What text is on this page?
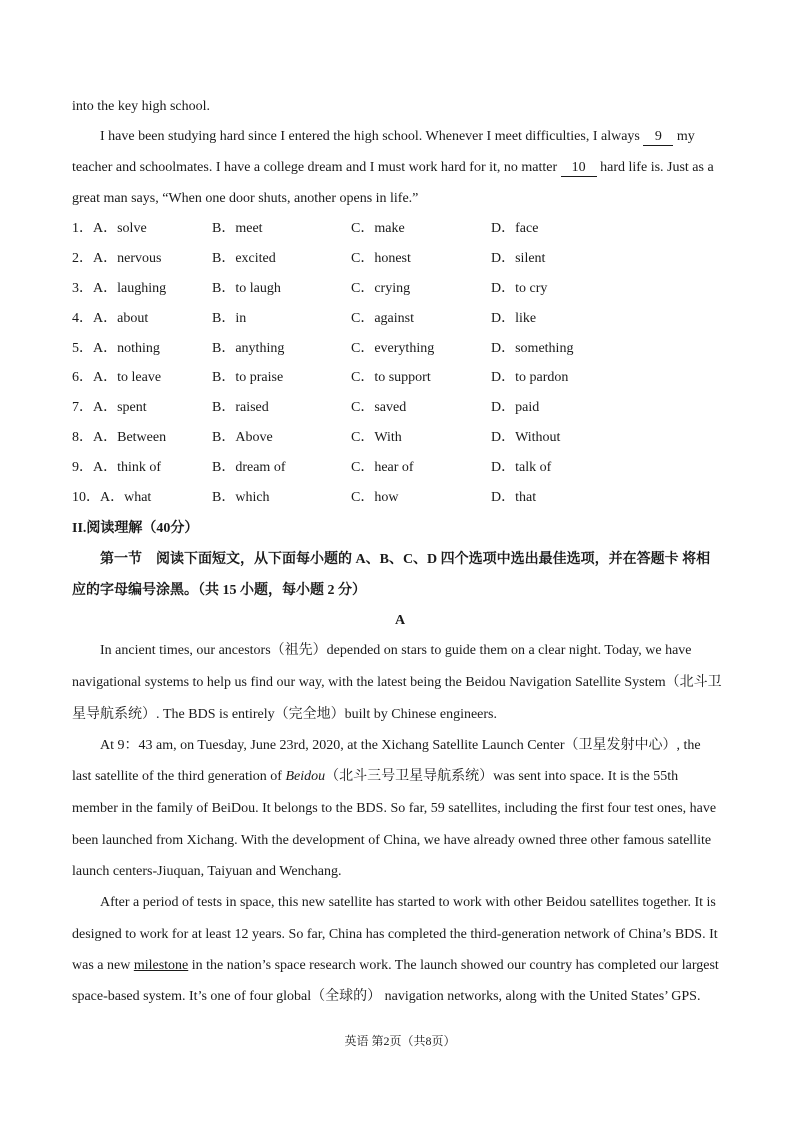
into the key high school.
I have been studying hard since I entered the high school. Whenever I meet difficulties, I always 9 my
teacher and schoolmates. I have a college dream and I must work hard for it, no matter 10 hard life is. Just as a
great man says, “When one door shuts, another opens in life.”
1．A．solve	B．meet	C．make	D．face
2．A．nervous	B．excited	C．honest	D．silent
3．A．laughing	B．to laugh	C．crying	D．to cry
4．A．about	B．in	C．against	D．like
5．A．nothing	B．anything	C．everything	D．something
6．A．to leave	B．to praise	C．to support	D．to pardon
7．A．spent	B．raised	C．saved	D．paid
8．A．Between	B．Above	C．With	D．Without
9．A．think of	B．dream of	C．hear of	D．talk of
10．A．what	B．which	C．how	D．that
II.阅读理解（40分）
第一节　阅读下面短文，从下面每小题的 A、B、C、D 四个选项中选出最佳选项，并在答题卡 将相
应的字母编号涂黑。（共 15 小题，每小题 2 分）
A
In ancient times, our ancestors（祖先）depended on stars to guide them on a clear night. Today, we have
navigational systems to help us find our way, with the latest being the Beidou Navigation Satellite System（北斗卫
星导航系统）. The BDS is entirely（完全地）built by Chinese engineers.
At 9：43 am, on Tuesday, June 23rd, 2020, at the Xichang Satellite Launch Center（卫星发射中心）, the
last satellite of the third generation of Beidou（北斗三号卫星导航系统）was sent into space. It is the 55th
member in the family of BeiDou. It belongs to the BDS. So far, 59 satellites, including the first four test ones, have
been launched from Xichang. With the development of China, we have already owned three other famous satellite
launch centers-Jiuquan, Taiyuan and Wenchang.
After a period of tests in space, this new satellite has started to work with other Beidou satellites together. It is
designed to work for at least 12 years. So far, China has completed the third-generation network of China’s BDS. It
was a new milestone in the nation’s space research work. The launch showed our country has completed our largest
space-based system. It’s one of four global（全球的） navigation networks, along with the United States’ GPS.
英语 第2页（共8页）
